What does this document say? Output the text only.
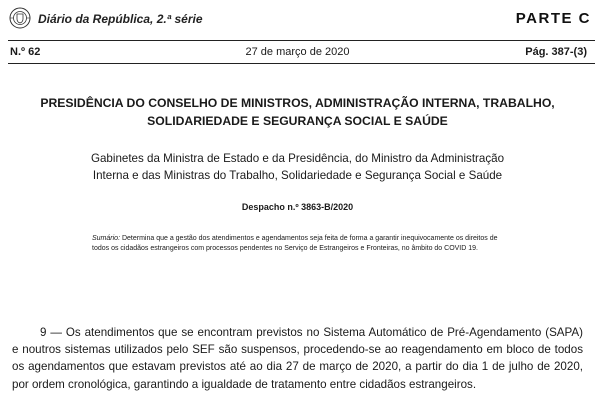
Diário da República, 2.ª série	PARTE C
N.º 62	27 de março de 2020	Pág. 387-(3)
PRESIDÊNCIA DO CONSELHO DE MINISTROS, ADMINISTRAÇÃO INTERNA, TRABALHO,
SOLIDARIEDADE E SEGURANÇA SOCIAL E SAÚDE
Gabinetes da Ministra de Estado e da Presidência, do Ministro da Administração
Interna e das Ministras do Trabalho, Solidariedade e Segurança Social e Saúde
Despacho n.º 3863-B/2020
Sumário: Determina que a gestão dos atendimentos e agendamentos seja feita de forma a garantir inequivocamente os direitos de todos os cidadãos estrangeiros com processos pendentes no Serviço de Estrangeiros e Fronteiras, no âmbito do COVID 19.
9 — Os atendimentos que se encontram previstos no Sistema Automático de Pré-Agendamento (SAPA) e noutros sistemas utilizados pelo SEF são suspensos, procedendo-se ao reagendamento em bloco de todos os agendamentos que estavam previstos até ao dia 27 de março de 2020, a partir do dia 1 de julho de 2020, por ordem cronológica, garantindo a igualdade de tratamento entre cidadãos estrangeiros.
